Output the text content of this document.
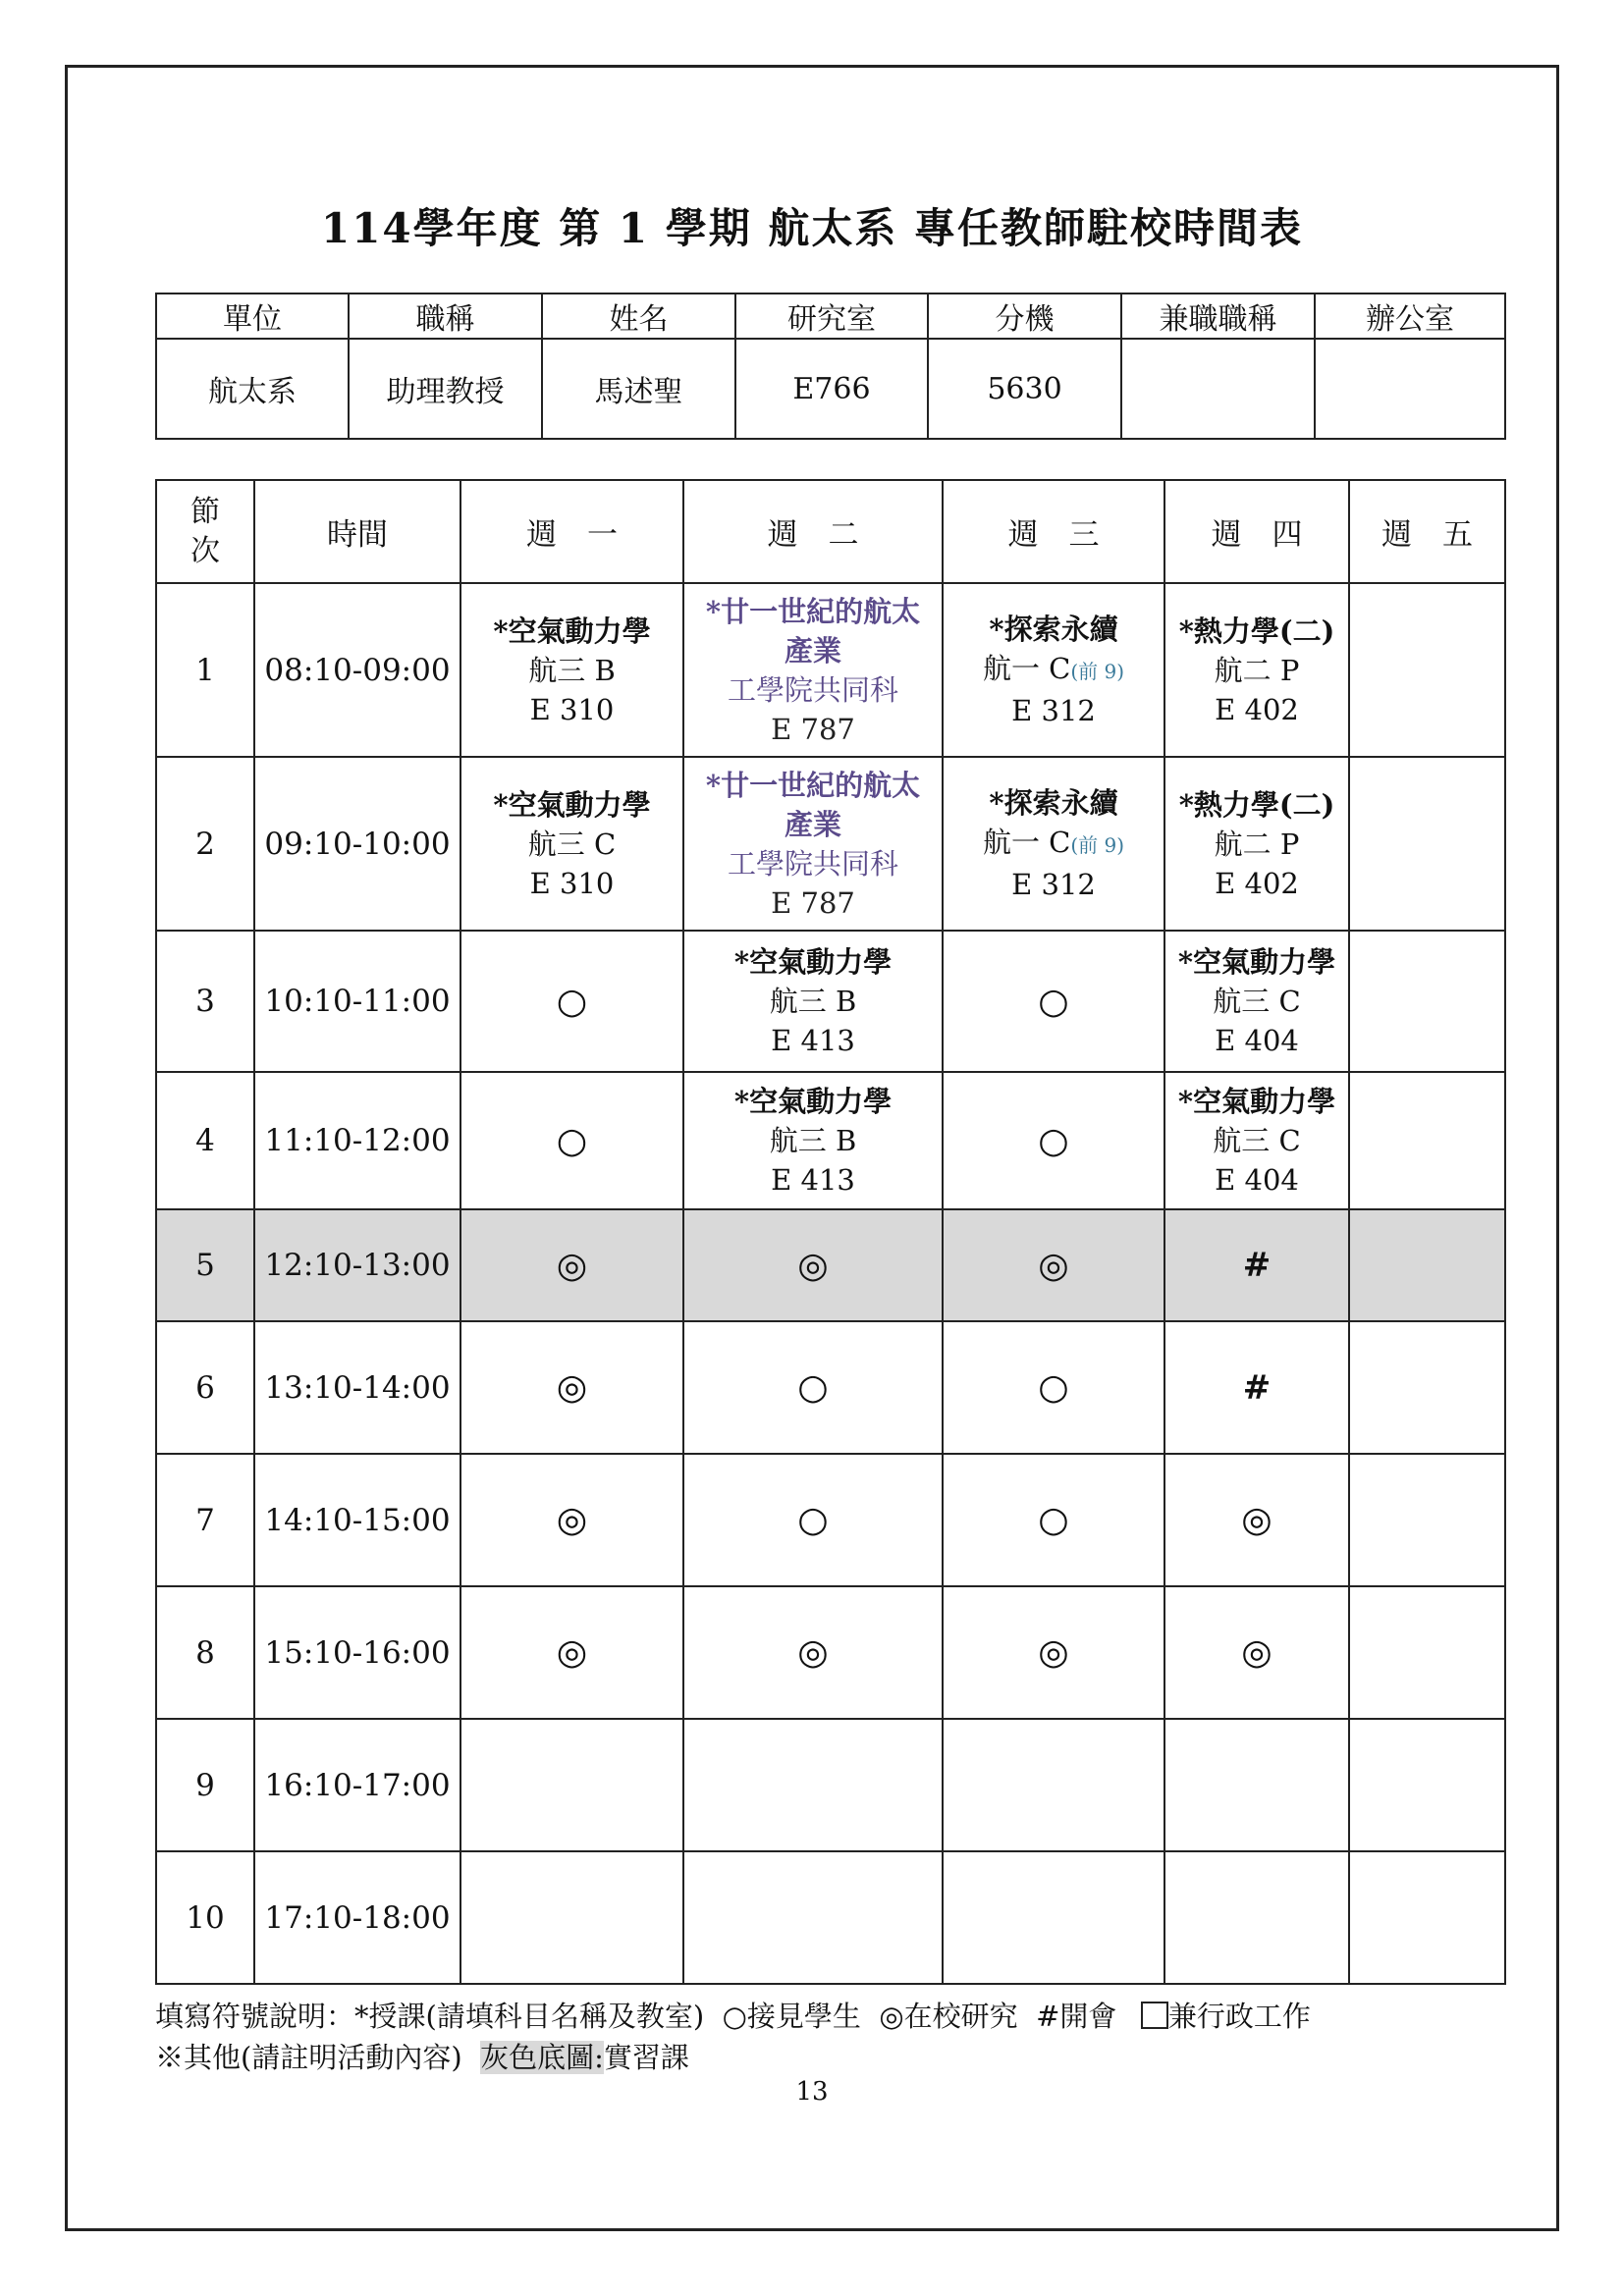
114學年度 第 1 學期 航太系 專任教師駐校時間表
單位	職稱	姓名	研究室	分機	兼職職稱	辦公室
航太系	助理教授	馬述聖	E766	5630		
節
次	時間	週　一	週　二	週　三	週　四	週　五
1	08:10-09:00	*空氣動力學
航三 B
E 310	*廿一世紀的航太
產業
工學院共同科
E 787	*探索永續
航一 C(前 9)
E 312	*熱力學(二)
航二 P
E 402	

2	09:10-10:00	*空氣動力學
航三 C
E 310	*廿一世紀的航太
產業
工學院共同科
E 787	*探索永續
航一 C(前 9)
E 312	*熱力學(二)
航二 P
E 402	

3	10:10-11:00	○	*空氣動力學
航三 B
E 413	○	*空氣動力學
航三 C
E 404	

4	11:10-12:00	○	*空氣動力學
航三 B
E 413	○	*空氣動力學
航三 C
E 404	

5	12:10-13:00	◎	◎	◎	#	
6	13:10-14:00	◎	○	○	#	
7	14:10-15:00	◎	○	○	◎	
8	15:10-16:00	◎	◎	◎	◎	
9	16:10-17:00					
10	17:10-18:00					
填寫符號說明：*授課(請填科目名稱及教室) ○接見學生 ◎在校研究 #開會 兼行政工作
※其他(請註明活動內容) 灰色底圖:實習課
13
